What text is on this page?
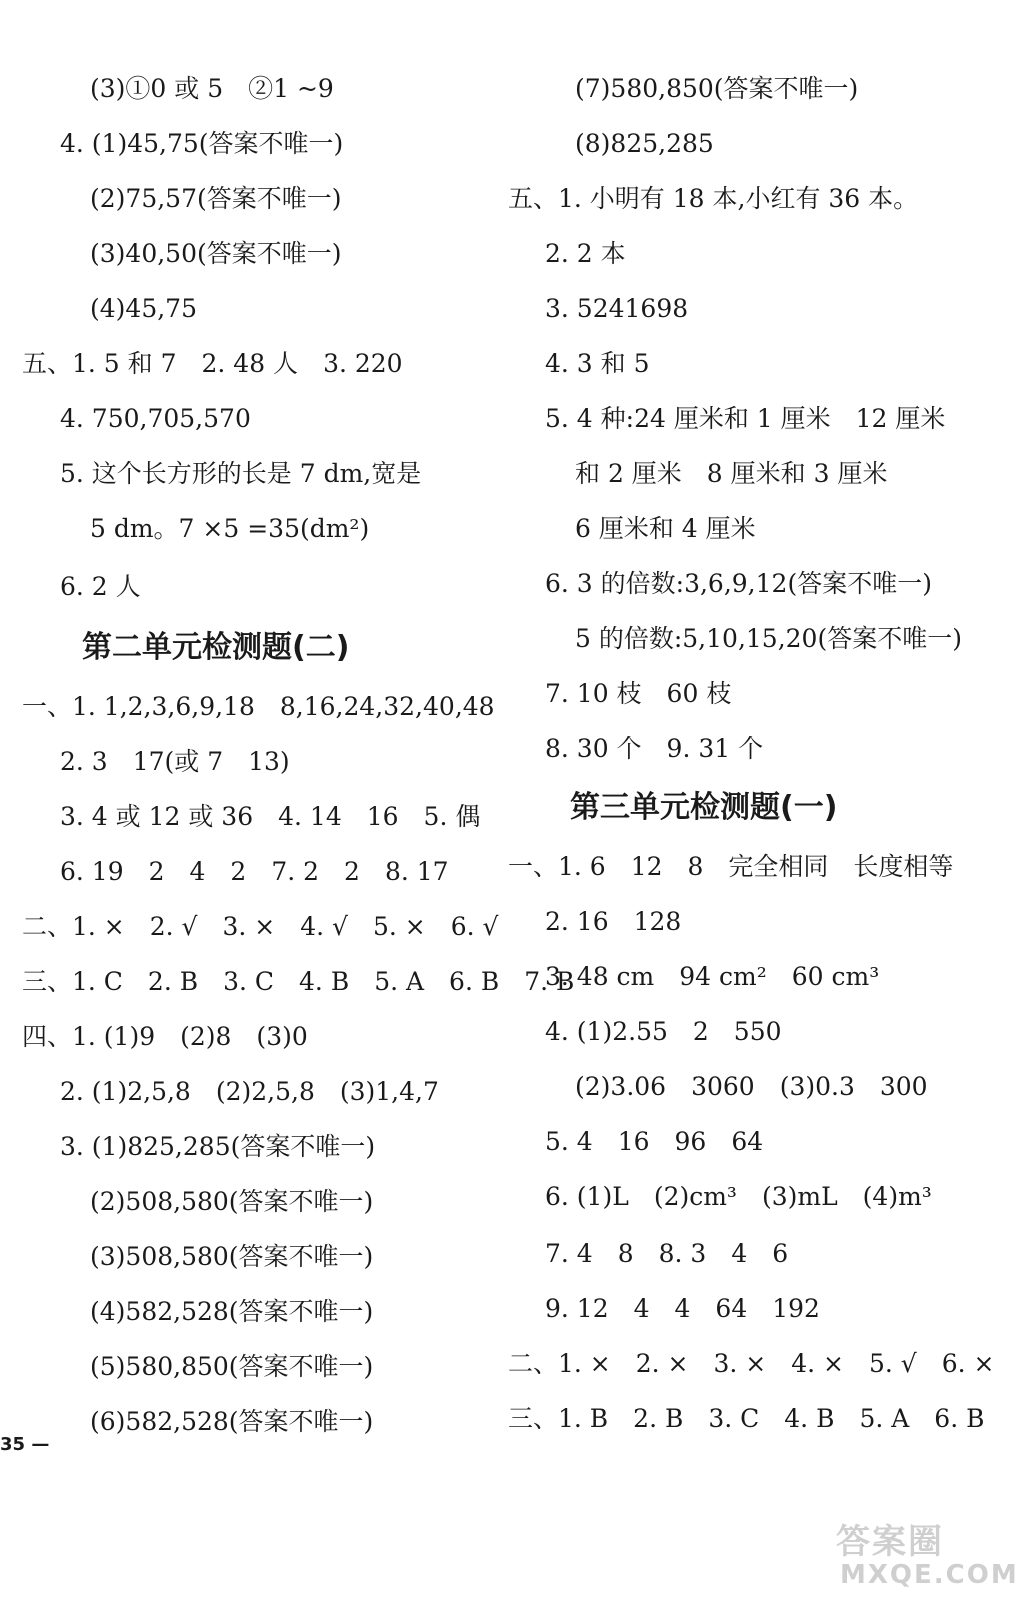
(3)①0 或 5　②1 ~9
4. (1)45,75(答案不唯一)
(2)75,57(答案不唯一)
(3)40,50(答案不唯一)
(4)45,75
五、1. 5 和 7　2. 48 人　3. 220
4. 750,705,570
5. 这个长方形的长是 7 dm,宽是
5 dm。7 ×5 =35(dm²)
6. 2 人
第二单元检测题(二)
一、1. 1,2,3,6,9,18　8,16,24,32,40,48
2. 3　17(或 7　13)
3. 4 或 12 或 36　4. 14　16　5. 偶
6. 19　2　4　2　7. 2　2　8. 17
二、1. ×　2. √　3. ×　4. √　5. ×　6. √
三、1. C　2. B　3. C　4. B　5. A　6. B　7. B
四、1. (1)9　(2)8　(3)0
2. (1)2,5,8　(2)2,5,8　(3)1,4,7
3. (1)825,285(答案不唯一)
(2)508,580(答案不唯一)
(3)508,580(答案不唯一)
(4)582,528(答案不唯一)
(5)580,850(答案不唯一)
(6)582,528(答案不唯一)
(7)580,850(答案不唯一)
(8)825,285
五、1. 小明有 18 本,小红有 36 本。
2. 2 本
3. 5241698
4. 3 和 5
5. 4 种:24 厘米和 1 厘米　12 厘米
和 2 厘米　8 厘米和 3 厘米
6 厘米和 4 厘米
6. 3 的倍数:3,6,9,12(答案不唯一)
5 的倍数:5,10,15,20(答案不唯一)
7. 10 枝　60 枝
8. 30 个　9. 31 个
第三单元检测题(一)
一、1. 6　12　8　完全相同　长度相等
2. 16　128
3. 48 cm　94 cm²　60 cm³
4. (1)2.55　2　550
(2)3.06　3060　(3)0.3　300
5. 4　16　96　64
6. (1)L　(2)cm³　(3)mL　(4)m³
7. 4　8　8. 3　4　6
9. 12　4　4　64　192
二、1. ×　2. ×　3. ×　4. ×　5. √　6. ×
三、1. B　2. B　3. C　4. B　5. A　6. B
35 —
答案圈
MXQE.COM
